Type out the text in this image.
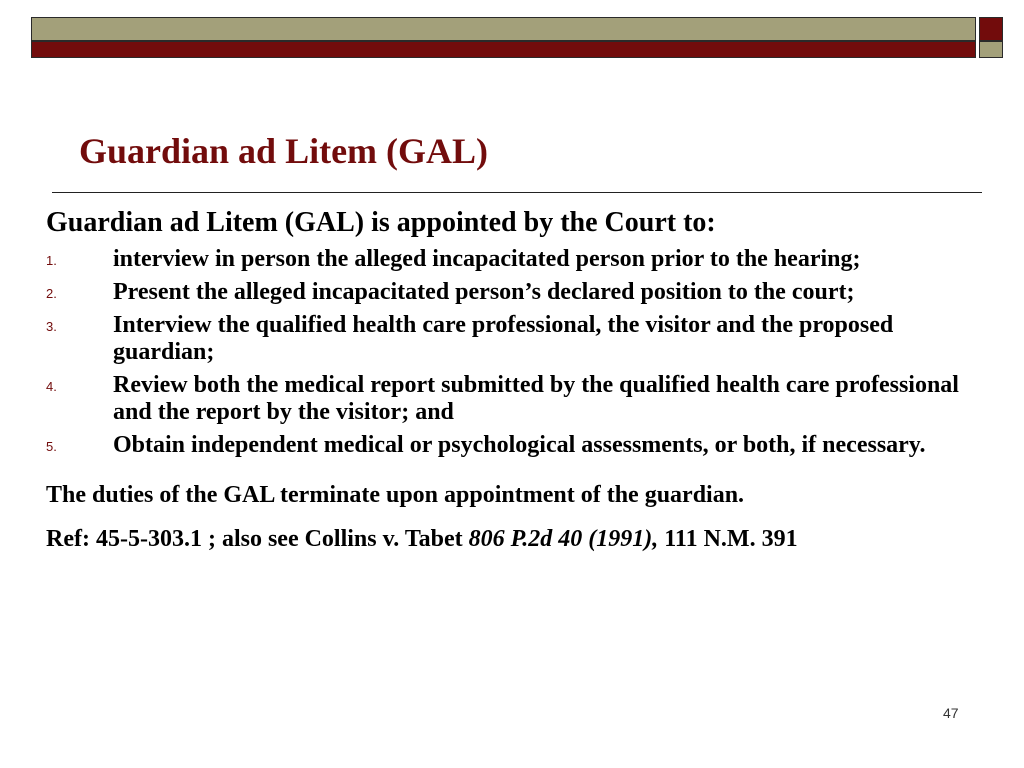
Guardian ad Litem (GAL)

Guardian ad Litem (GAL) is appointed by the Court to:

1.	interview in person the alleged incapacitated person prior to the hearing;
2.	Present the alleged incapacitated person’s declared position to the court;
3.	Interview the qualified health care professional, the visitor and the proposed guardian;
4.	Review both the medical report submitted by the qualified health care professional and the report by the visitor; and
5.	Obtain independent medical or psychological assessments, or both, if necessary.

The duties of the GAL terminate upon appointment of the guardian.

Ref: 45-5-303.1 ; also see Collins v. Tabet 806 P.2d 40 (1991), 111 N.M. 391

47
